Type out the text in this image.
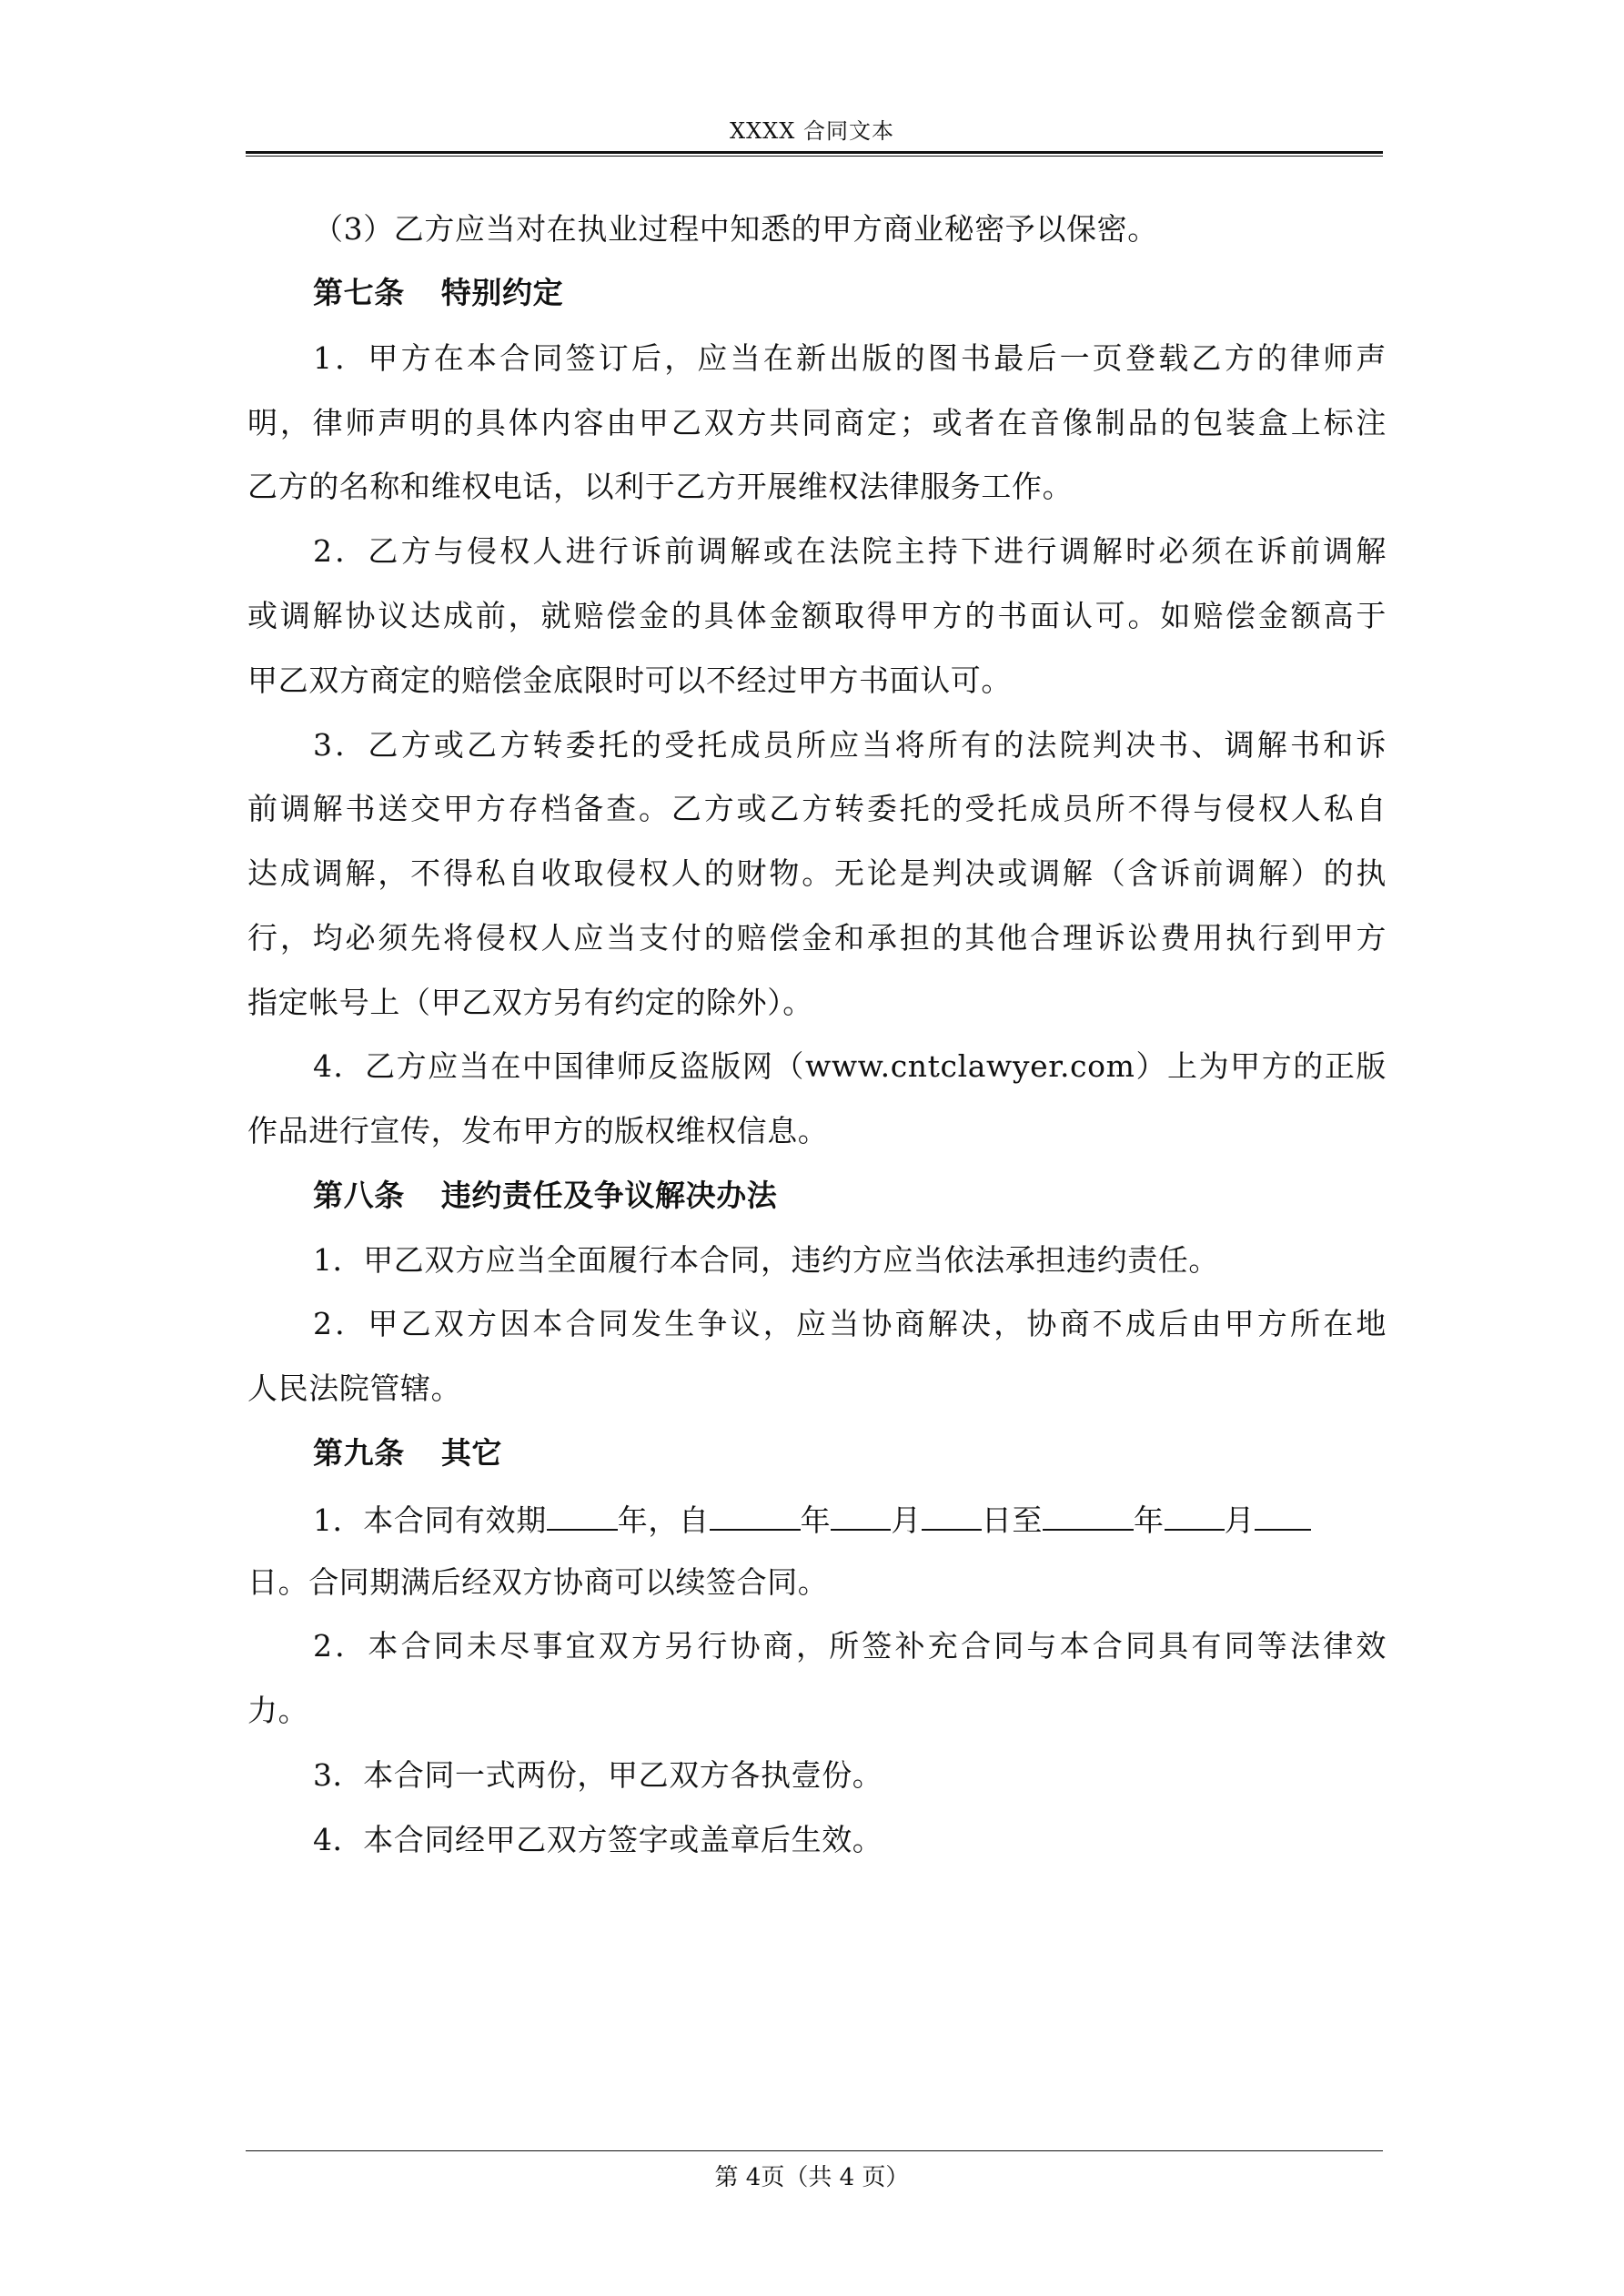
XXXX 合同文本
（3）乙方应当对在执业过程中知悉的甲方商业秘密予以保密。
第七条 特别约定
1．甲方在本合同签订后，应当在新出版的图书最后一页登载乙方的律师声
明，律师声明的具体内容由甲乙双方共同商定；或者在音像制品的包装盒上标注
乙方的名称和维权电话，以利于乙方开展维权法律服务工作。
2．乙方与侵权人进行诉前调解或在法院主持下进行调解时必须在诉前调解
或调解协议达成前，就赔偿金的具体金额取得甲方的书面认可。如赔偿金额高于
甲乙双方商定的赔偿金底限时可以不经过甲方书面认可。
3．乙方或乙方转委托的受托成员所应当将所有的法院判决书、调解书和诉
前调解书送交甲方存档备查。乙方或乙方转委托的受托成员所不得与侵权人私自
达成调解，不得私自收取侵权人的财物。无论是判决或调解（含诉前调解）的执
行，均必须先将侵权人应当支付的赔偿金和承担的其他合理诉讼费用执行到甲方
指定帐号上（甲乙双方另有约定的除外）。
4．乙方应当在中国律师反盗版网（www.cntclawyer.com）上为甲方的正版
作品进行宣传，发布甲方的版权维权信息。
第八条 违约责任及争议解决办法
1．甲乙双方应当全面履行本合同，违约方应当依法承担违约责任。
2．甲乙双方因本合同发生争议，应当协商解决，协商不成后由甲方所在地
人民法院管辖。
第九条 其它
1．本合同有效期 年，自	年 月 日至	年 月
日。合同期满后经双方协商可以续签合同。
2．本合同未尽事宜双方另行协商，所签补充合同与本合同具有同等法律效
力。
3．本合同一式两份，甲乙双方各执壹份。
4．本合同经甲乙双方签字或盖章后生效。
第 4页（共 4 页）
